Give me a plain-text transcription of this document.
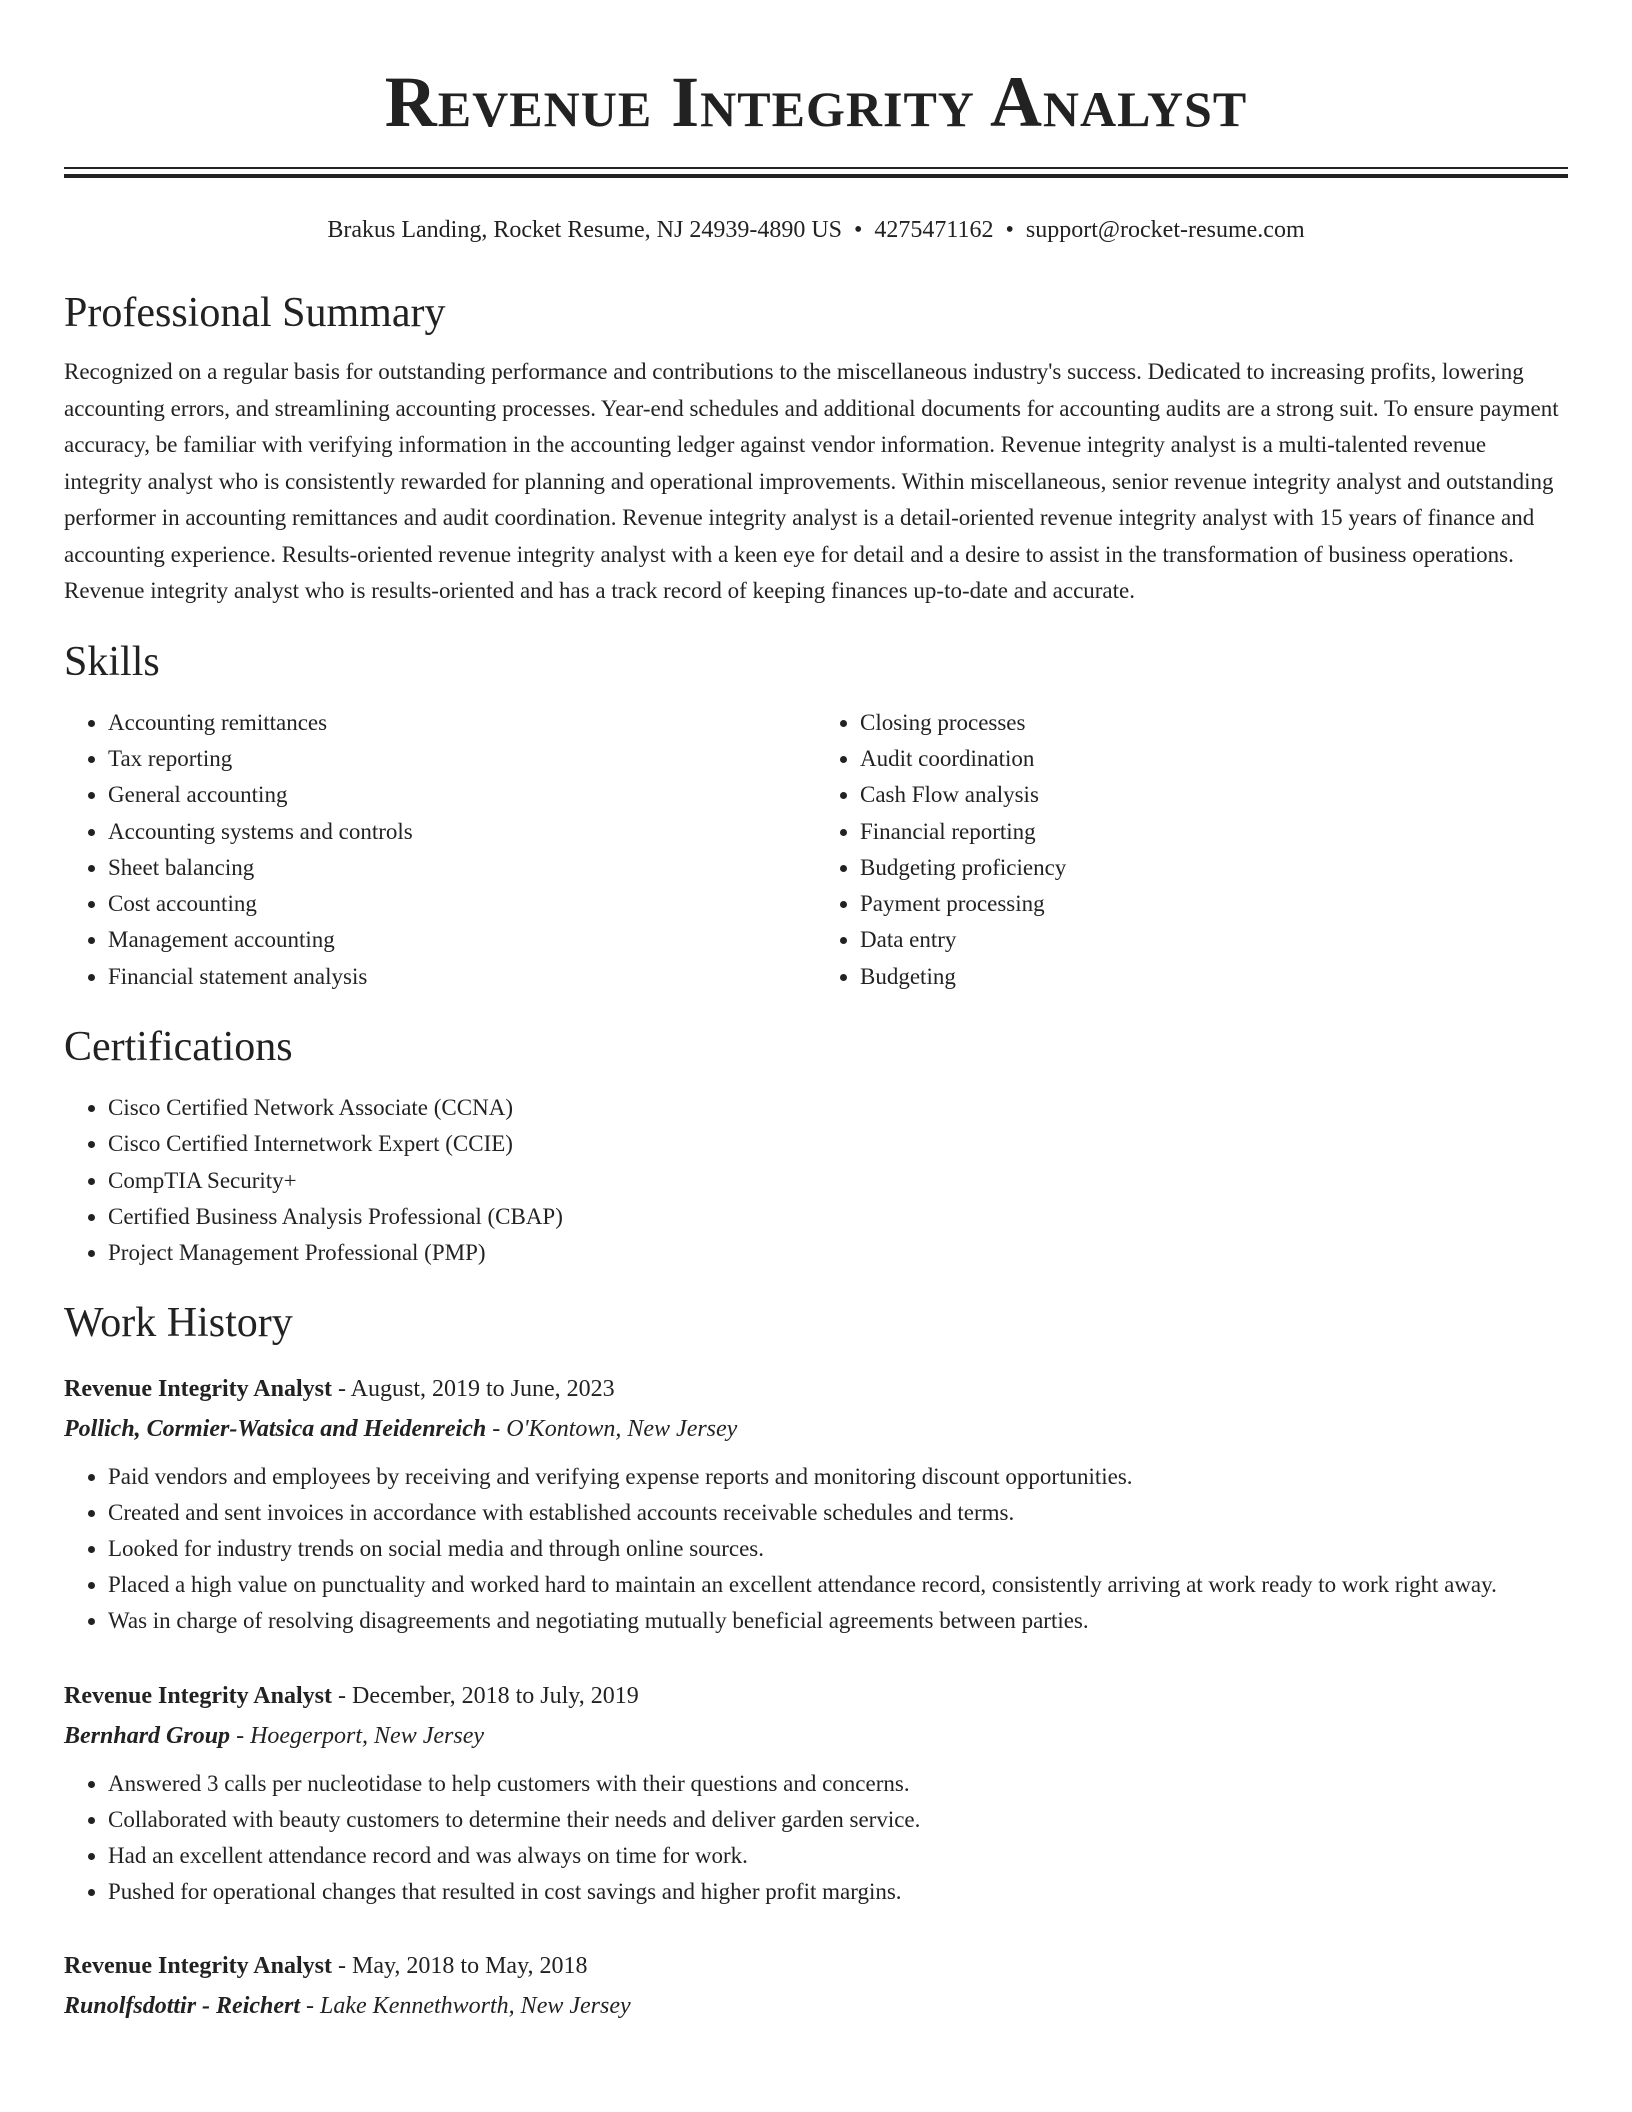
Revenue Integrity Analyst
Brakus Landing, Rocket Resume, NJ 24939-4890 US • 4275471162 • support@rocket-resume.com
Professional Summary

Recognized on a regular basis for outstanding performance and contributions to the miscellaneous industry's success. Dedicated to increasing profits, lowering accounting errors, and streamlining accounting processes. Year-end schedules and additional documents for accounting audits are a strong suit. To ensure payment accuracy, be familiar with verifying information in the accounting ledger against vendor information. Revenue integrity analyst is a multi-talented revenue integrity analyst who is consistently rewarded for planning and operational improvements. Within miscellaneous, senior revenue integrity analyst and outstanding performer in accounting remittances and audit coordination. Revenue integrity analyst is a detail-oriented revenue integrity analyst with 15 years of finance and accounting experience. Results-oriented revenue integrity analyst with a keen eye for detail and a desire to assist in the transformation of business operations. Revenue integrity analyst who is results-oriented and has a track record of keeping finances up-to-date and accurate.

Skills
• Accounting remittances
• Tax reporting
• General accounting
• Accounting systems and controls
• Sheet balancing
• Cost accounting
• Management accounting
• Financial statement analysis
• Closing processes
• Audit coordination
• Cash Flow analysis
• Financial reporting
• Budgeting proficiency
• Payment processing
• Data entry
• Budgeting
Certifications
• Cisco Certified Network Associate (CCNA)
• Cisco Certified Internetwork Expert (CCIE)
• CompTIA Security+
• Certified Business Analysis Professional (CBAP)
• Project Management Professional (PMP)
Work History
Revenue Integrity Analyst - August, 2019 to June, 2023
Pollich, Cormier-Watsica and Heidenreich - O'Kontown, New Jersey
• Paid vendors and employees by receiving and verifying expense reports and monitoring discount opportunities.
• Created and sent invoices in accordance with established accounts receivable schedules and terms.
• Looked for industry trends on social media and through online sources.
• Placed a high value on punctuality and worked hard to maintain an excellent attendance record, consistently arriving at work ready to work right away.
• Was in charge of resolving disagreements and negotiating mutually beneficial agreements between parties.
Revenue Integrity Analyst - December, 2018 to July, 2019
Bernhard Group - Hoegerport, New Jersey
• Answered 3 calls per nucleotidase to help customers with their questions and concerns.
• Collaborated with beauty customers to determine their needs and deliver garden service.
• Had an excellent attendance record and was always on time for work.
• Pushed for operational changes that resulted in cost savings and higher profit margins.
Revenue Integrity Analyst - May, 2018 to May, 2018
Runolfsdottir - Reichert - Lake Kennethworth, New Jersey
